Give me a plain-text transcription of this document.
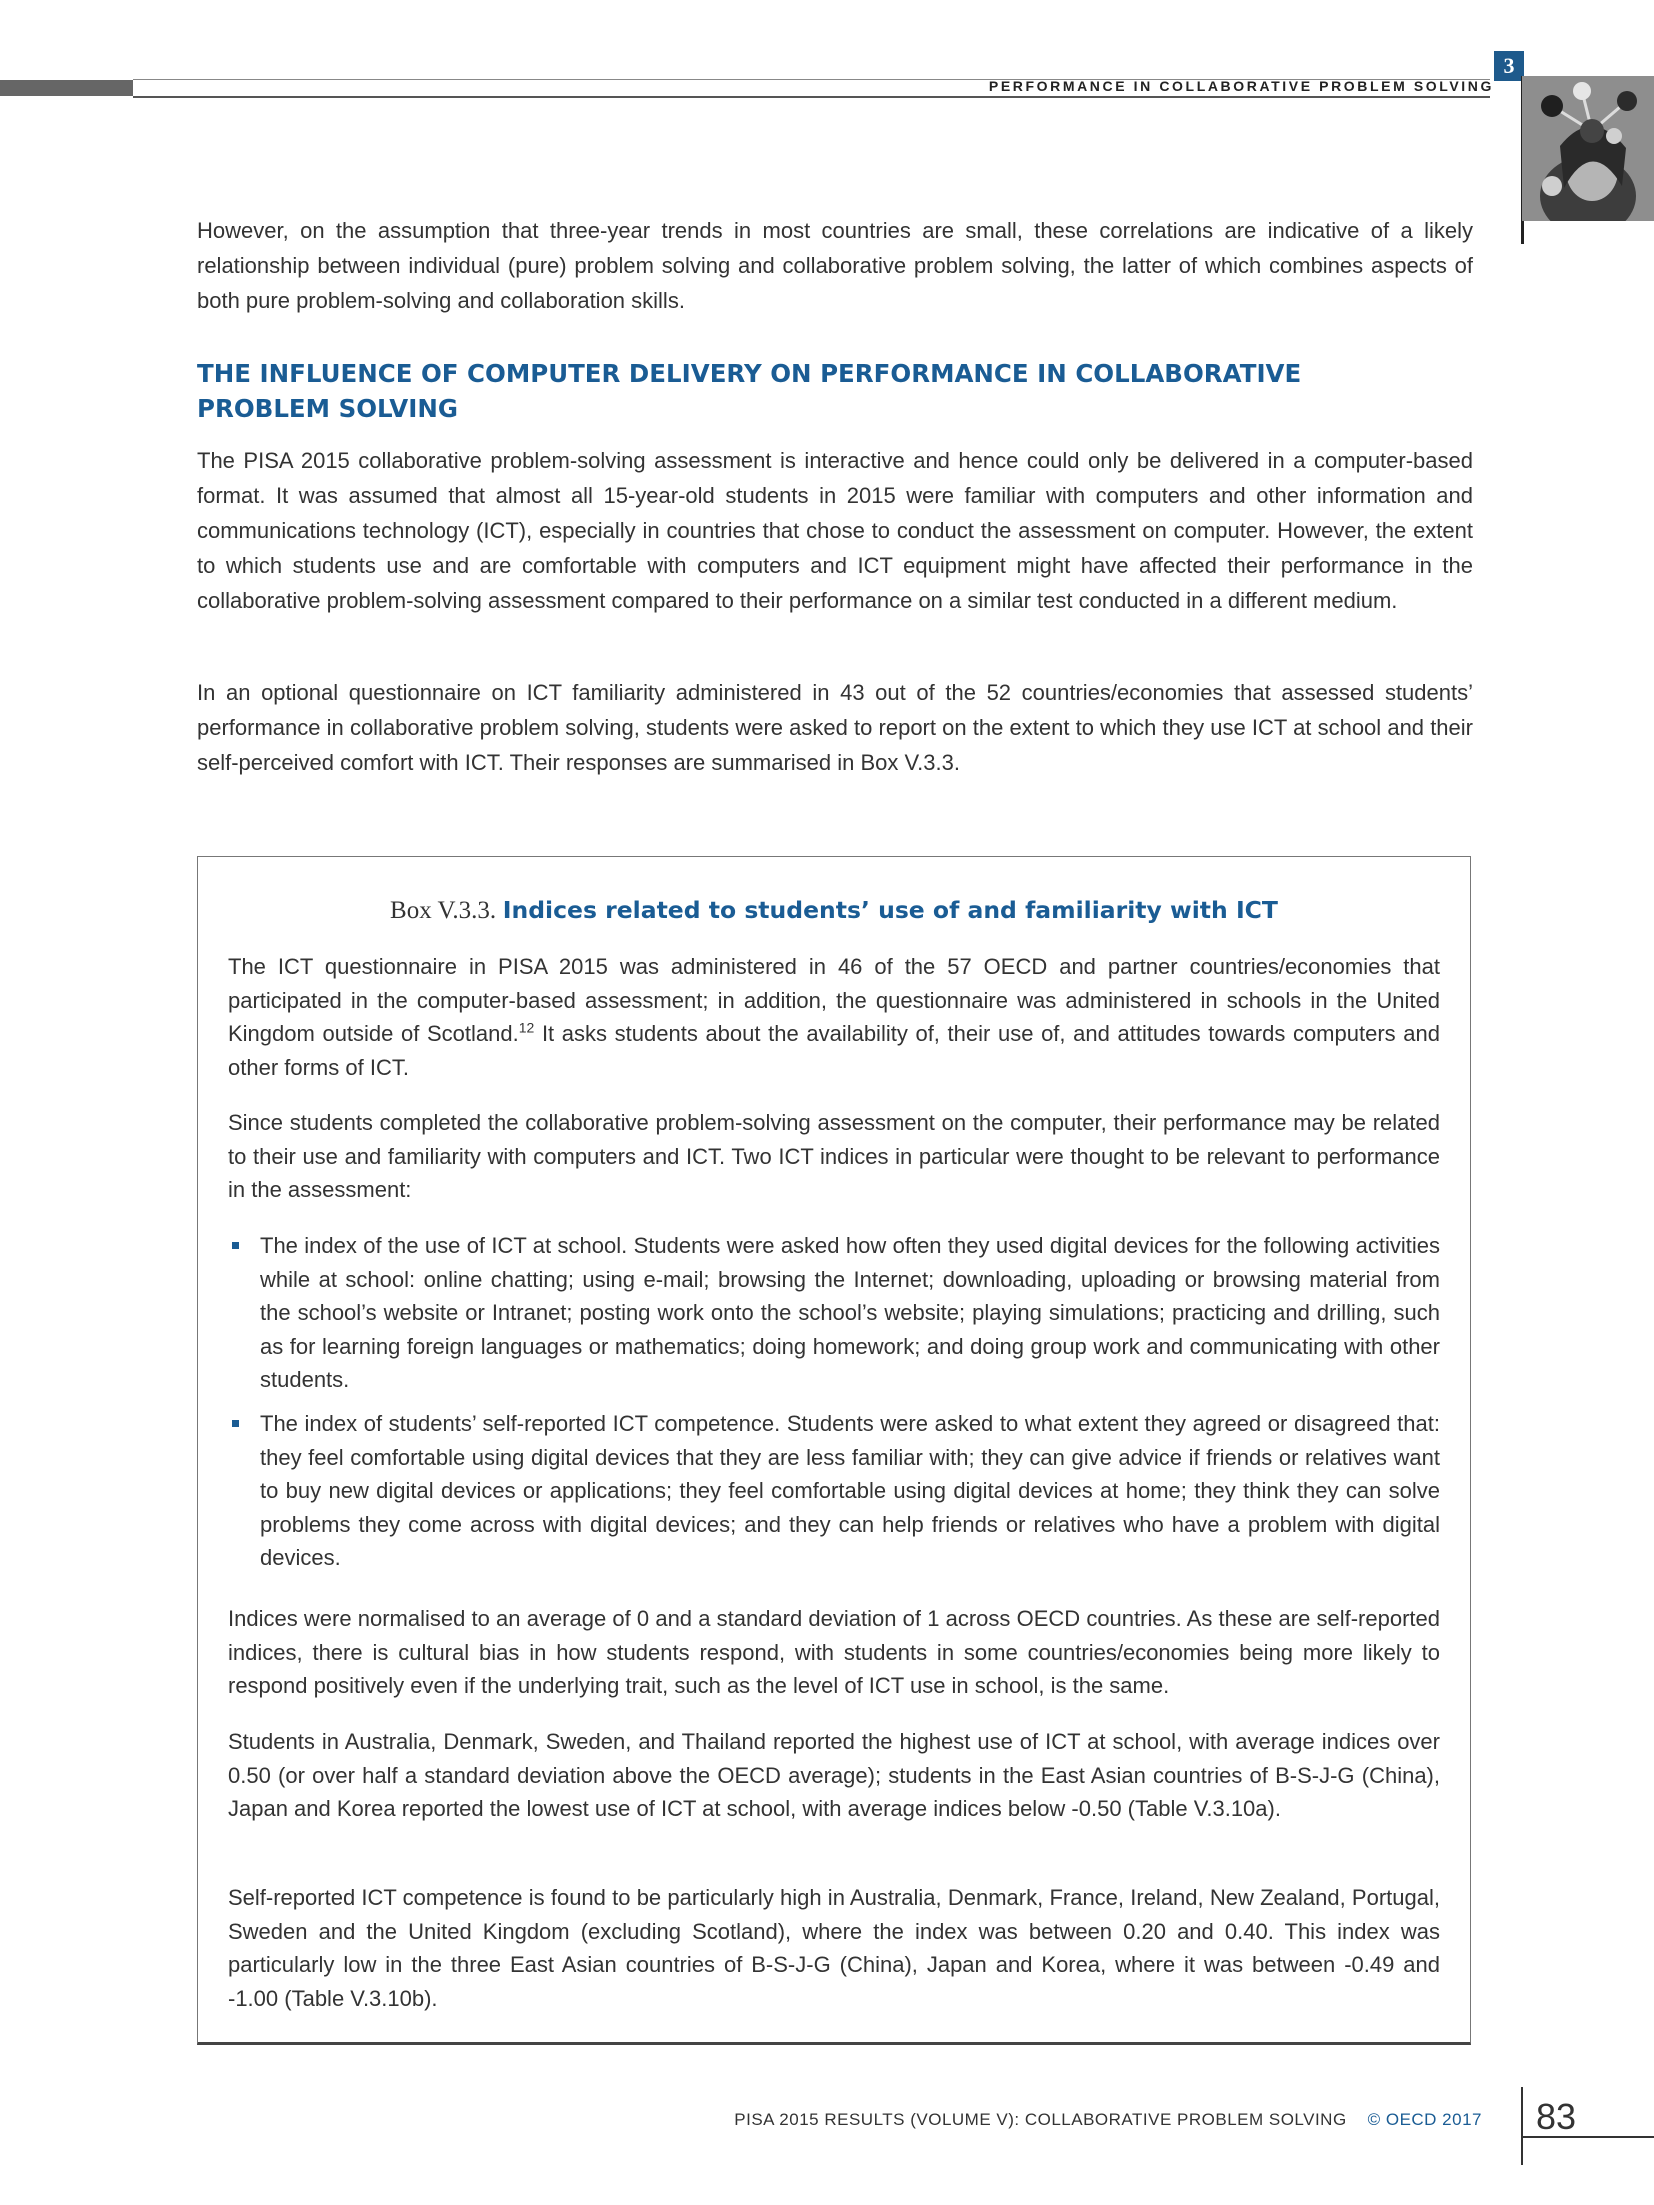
PERFORMANCE IN COLLABORATIVE PROBLEM SOLVING
3

However, on the assumption that three-year trends in most countries are small, these correlations are indicative of a likely relationship between individual (pure) problem solving and collaborative problem solving, the latter of which combines aspects of both pure problem-solving and collaboration skills.

THE INFLUENCE OF COMPUTER DELIVERY ON PERFORMANCE IN COLLABORATIVE
PROBLEM SOLVING

The PISA 2015 collaborative problem-solving assessment is interactive and hence could only be delivered in a computer-based format. It was assumed that almost all 15-year-old students in 2015 were familiar with computers and other information and communications technology (ICT), especially in countries that chose to conduct the assessment on computer. However, the extent to which students use and are comfortable with computers and ICT equipment might have affected their performance in the collaborative problem-solving assessment compared to their performance on a similar test conducted in a different medium.

In an optional questionnaire on ICT familiarity administered in 43 out of the 52 countries/economies that assessed students’ performance in collaborative problem solving, students were asked to report on the extent to which they use ICT at school and their self-perceived comfort with ICT. Their responses are summarised in Box V.3.3.

Box V.3.3. Indices related to students’ use of and familiarity with ICT

The ICT questionnaire in PISA 2015 was administered in 46 of the 57 OECD and partner countries/economies that participated in the computer-based assessment; in addition, the questionnaire was administered in schools in the United Kingdom outside of Scotland.$^{12}$ It asks students about the availability of, their use of, and attitudes towards computers and other forms of ICT.

Since students completed the collaborative problem-solving assessment on the computer, their performance may be related to their use and familiarity with computers and ICT. Two ICT indices in particular were thought to be relevant to performance in the assessment:

The index of the use of ICT at school. Students were asked how often they used digital devices for the following activities while at school: online chatting; using e-mail; browsing the Internet; downloading, uploading or browsing material from the school’s website or Intranet; posting work onto the school’s website; playing simulations; practicing and drilling, such as for learning foreign languages or mathematics; doing homework; and doing group work and communicating with other students.
The index of students’ self-reported ICT competence. Students were asked to what extent they agreed or disagreed that: they feel comfortable using digital devices that they are less familiar with; they can give advice if friends or relatives want to buy new digital devices or applications; they feel comfortable using digital devices at home; they think they can solve problems they come across with digital devices; and they can help friends or relatives who have a problem with digital devices.

Indices were normalised to an average of 0 and a standard deviation of 1 across OECD countries. As these are self-reported indices, there is cultural bias in how students respond, with students in some countries/economies being more likely to respond positively even if the underlying trait, such as the level of ICT use in school, is the same.

Students in Australia, Denmark, Sweden, and Thailand reported the highest use of ICT at school, with average indices over 0.50 (or over half a standard deviation above the OECD average); students in the East Asian countries of B-S-J-G (China), Japan and Korea reported the lowest use of ICT at school, with average indices below -0.50 (Table V.3.10a).

Self-reported ICT competence is found to be particularly high in Australia, Denmark, France, Ireland, New Zealand, Portugal, Sweden and the United Kingdom (excluding Scotland), where the index was between 0.20 and 0.40. This index was particularly low in the three East Asian countries of B-S-J-G (China), Japan and Korea, where it was between -0.49 and -1.00 (Table V.3.10b).

PISA 2015 RESULTS (VOLUME V): COLLABORATIVE PROBLEM SOLVING © OECD 2017 83
